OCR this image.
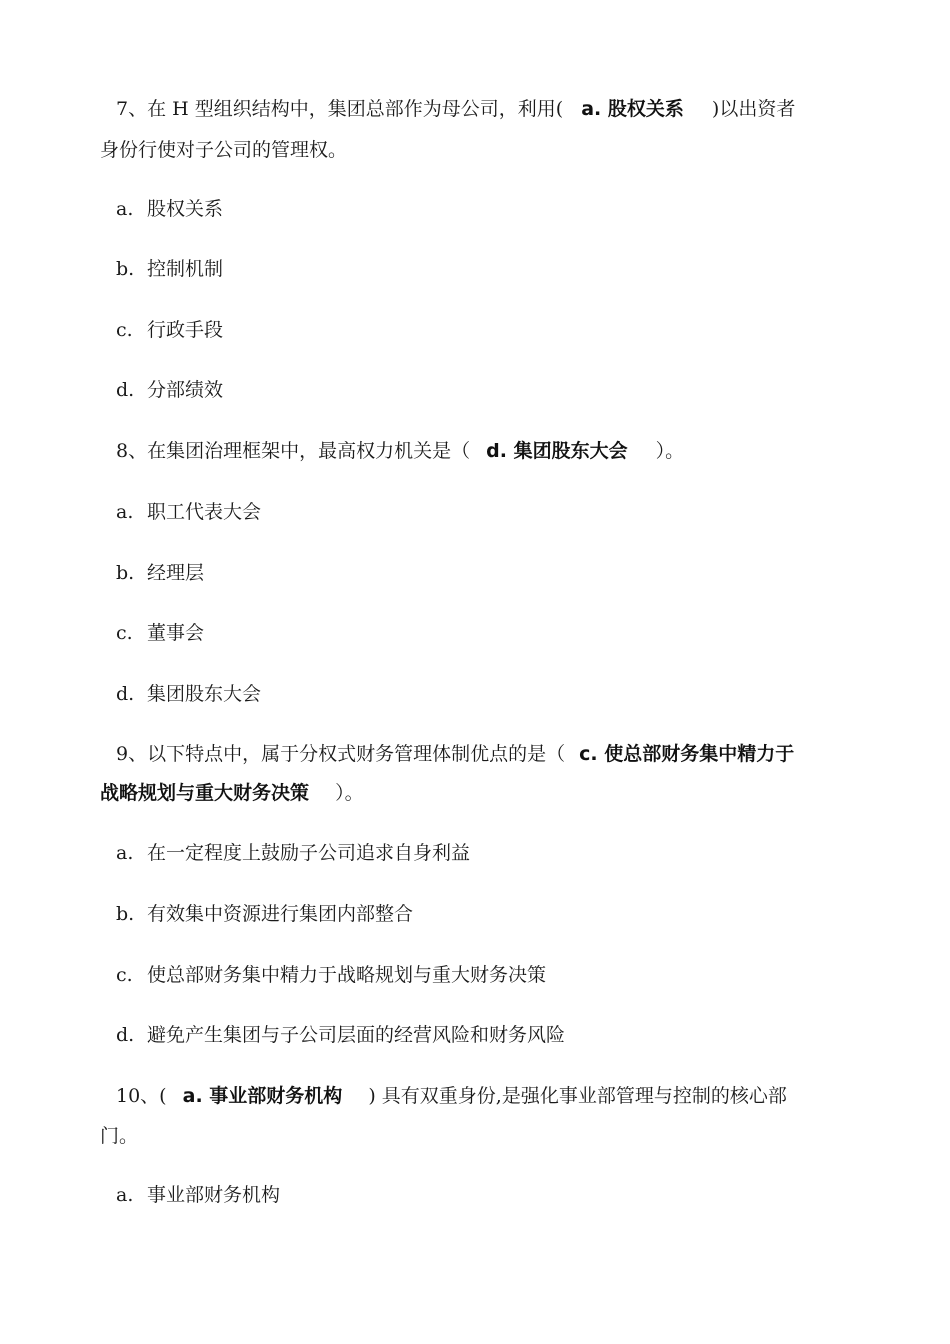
7、在 H 型组织结构中，集团总部作为母公司，利用( a. 股权关系 )以出资者
身份行使对子公司的管理权。
a. 股权关系
b. 控制机制
c. 行政手段
d. 分部绩效
8、在集团治理框架中，最高权力机关是（ d. 集团股东大会 ）。
a. 职工代表大会
b. 经理层
c. 董事会
d. 集团股东大会
9、以下特点中，属于分权式财务管理体制优点的是（ c. 使总部财务集中精力于
战略规划与重大财务决策 ）。
a. 在一定程度上鼓励子公司追求自身利益
b. 有效集中资源进行集团内部整合
c. 使总部财务集中精力于战略规划与重大财务决策
d. 避免产生集团与子公司层面的经营风险和财务风险
10、( a. 事业部财务机构 ) 具有双重身份,是强化事业部管理与控制的核心部
门。
a. 事业部财务机构
